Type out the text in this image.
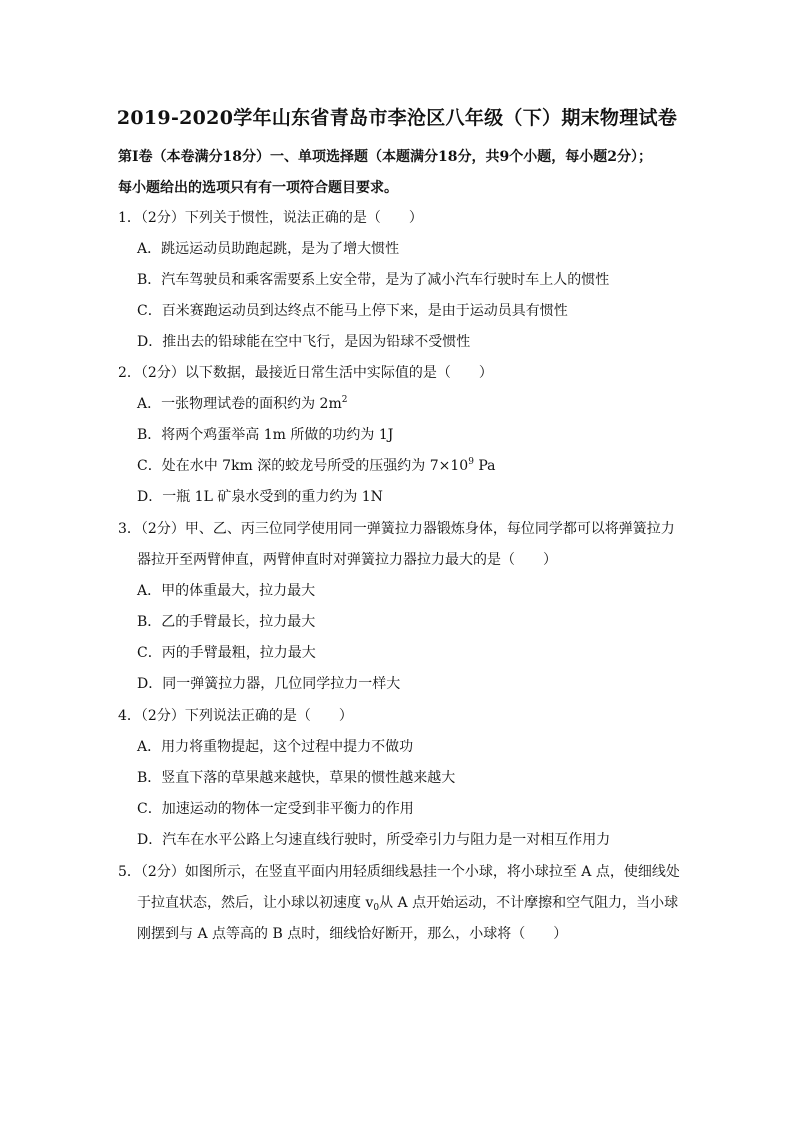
2019-2020学年山东省青岛市李沧区八年级（下）期末物理试卷
第Ⅰ卷（本卷满分18分）一、单项选择题（本题满分18分，共9个小题，每小题2分）；
每小题给出的选项只有有一项符合题目要求。
1．（2分）下列关于惯性，说法正确的是（　　）
A．跳远运动员助跑起跳，是为了增大惯性
B．汽车驾驶员和乘客需要系上安全带，是为了减小汽车行驶时车上人的惯性
C．百米赛跑运动员到达终点不能马上停下来，是由于运动员具有惯性
D．推出去的铅球能在空中飞行，是因为铅球不受惯性
2．（2分）以下数据，最接近日常生活中实际值的是（　　）
A．一张物理试卷的面积约为 $2m^2$
B．将两个鸡蛋举高 1m 所做的功约为 1J
C．处在水中 7km 深的蛟龙号所受的压强约为 $7\times 10^9$ Pa
D．一瓶 1L 矿泉水受到的重力约为 1N
3．（2分）甲、乙、丙三位同学使用同一弹簧拉力器锻炼身体，每位同学都可以将弹簧拉力
器拉开至两臂伸直，两臂伸直时对弹簧拉力器拉力最大的是（　　）
A．甲的体重最大，拉力最大
B．乙的手臂最长，拉力最大
C．丙的手臂最粗，拉力最大
D．同一弹簧拉力器，几位同学拉力一样大
4．（2分）下列说法正确的是（　　）
A．用力将重物提起，这个过程中提力不做功
B．竖直下落的草果越来越快，草果的惯性越来越大
C．加速运动的物体一定受到非平衡力的作用
D．汽车在水平公路上匀速直线行驶时，所受牵引力与阻力是一对相互作用力
5．（2分）如图所示，在竖直平面内用轻质细线悬挂一个小球，将小球拉至 A 点，使细线处
于拉直状态，然后，让小球以初速度 $v_0$从 A 点开始运动，不计摩擦和空气阻力，当小球
刚摆到与 A 点等高的 B 点时，细线恰好断开，那么，小球将（　　）
